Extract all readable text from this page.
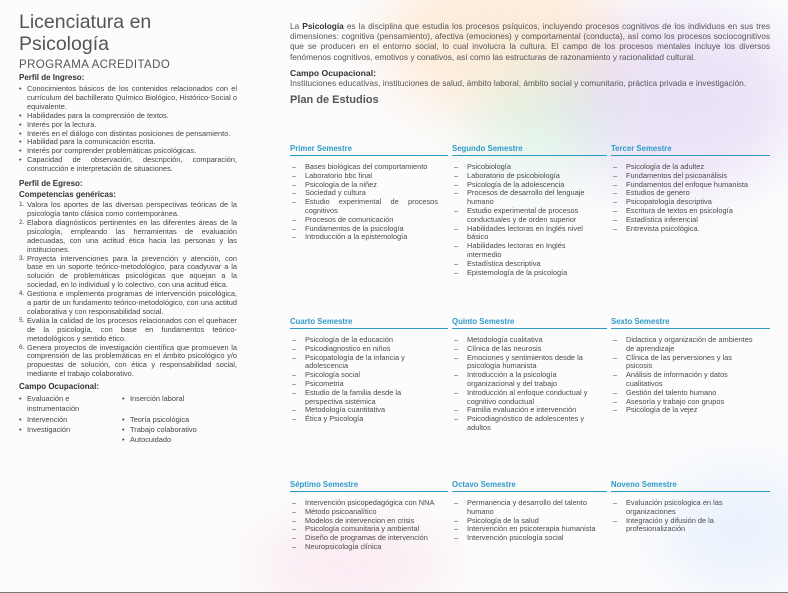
Licenciatura en Psicología
PROGRAMA ACREDITADO
Perfil de Ingreso:
• Conocimientos básicos de los contenidos relacionados con el currículum del bachillerato Químico Biológico, Histórico-Social o equivalente.
• Habilidades para la comprensión de textos.
• Interés por la lectura.
• Interés en el diálogo con distintas posiciones de pensamiento.
• Habilidad para la comunicación escrita.
• Interés por comprender problemáticas psicológicas.
• Capacidad de observación, descripción, comparación, construcción e interpretación de situaciones.
Perfil de Egreso:
Competencias genéricas:
1. Valora los aportes de las diversas perspectivas teóricas de la psicología tanto clásica como contemporánea.
2. Elabora diagnósticos pertinentes en las diferentes áreas de la psicología, empleando las herramientas de evaluación adecuadas, con una actitud ética hacia las personas y las instituciones.
3. Proyecta intervenciones para la prevención y atención, con base en un soporte teórico-metodológico, para coadyuvar a la solución de problemáticas psicológicas que aquejan a la sociedad, en lo individual y lo colectivo, con una actitud ética.
4. Gestiona e implementa programas de intervención psicológica, a partir de un fundamento teórico-metodológico, con una actitud colaborativa y con responsabilidad social.
5. Evalúa la calidad de los procesos relacionados con el quehacer de la psicología, con base en fundamentos teórico-metodológicos y sentido ético.
6. Genera proyectos de investigación científica que promueven la comprensión de las problemáticas en el ámbito psicológico y/o propuestas de solución, con ética y responsabilidad social, mediante el trabajo colaborativo.
Campo Ocupacional:
• Evaluación e instrumentación
• Inserción laboral
• Intervención	• Teoría psicológica
• Investigación	• Trabajo colaborativo
• Autocuidado

La Psicología es la disciplina que estudia los procesos psíquicos, incluyendo procesos cognitivos de los individuos en sus tres dimensiones: cognitiva (pensamiento), afectiva (emociones) y comportamental (conducta), así como los procesos sociocognitivos que se producen en el entorno social, lo cual involucra la cultura. El campo de los procesos mentales incluye los diversos fenómenos cognitivos, emotivos y conativos, así como las estructuras de razonamiento y racionalidad cultural.

Campo Ocupacional:
Instituciones educativas, instituciones de salud, ámbito laboral, ámbito social y comunitario, práctica privada e investigación.
Plan de Estudios
Primer Semestre
– Bases biológicas del comportamiento
– Laboratorio bbc final
– Psicología de la niñez
– Sociedad y cultura
– Estudio experimental de procesos cognitivos
– Procesos de comunicación
– Fundamentos de la psicología
– Introducción a la epistemología
Segundo Semestre
– Psicobiología
– Laboratorio de psicobiología
– Psicología de la adolescencia
– Procesos de desarrollo del lenguaje humano
– Estudio experimental de procesos conductuales y de orden superior
– Habilidades lectoras en Inglés nivel básico
– Habilidades lectoras en Inglés intermedio
– Estadística descriptiva
– Epistemología de la psicología
Tercer Semestre
– Psicología de la adultez
– Fundamentos del psicoanálisis
– Fundamentos del enfoque humanista
– Estudios de genero
– Psicopatología descriptiva
– Escritura de textos en psicología
– Estadística inferencial
– Entrevista psicológica.
Cuarto Semestre
– Psicología de la educación
– Psicodiagnostico en niños
– Psicopatología de la infancia y adolescencia
– Psicología social
– Psicometria
– Estudio de la familia desde la perspectiva sistémica
– Metodología cuantitativa
– Ética y Psicología
Quinto Semestre
– Metodología cualitativa
– Clínica de las neurosis
– Emociones y sentimientos desde la psicología humanista
– Introducción a la psicología organizacional y del trabajo
– Introducción al enfoque conductual y cognitivo conductual
– Familia evaluación e intervención
– Psicodiagnóstico de adolescentes y adultos
Sexto Semestre
– Didactica y organización de ambientes de aprendizaje
– Clínica de las perversiones y las psicosis
– Análisis de información y datos cualitativos
– Gestión del talento humano
– Asesoría y trabajo con grupos
– Psicología de la vejez
Séptimo Semestre
– Intervención psicopedagógica con NNA
– Método psicoanalítico
– Modelos de intervencion en crisis
– Psicología comunitaria y ambiental
– Diseño de programas de intervención
– Neuropsicología clínica
Octavo Semestre
– Permanencia y desarrollo del talento humano
– Psicología de la salud
– Intervención en psicoterapia humanista
– Intervención psicología social
Noveno Semestre
– Evaluación psicologica en las organizaciones
– Integración y difusión de la profesionalización
